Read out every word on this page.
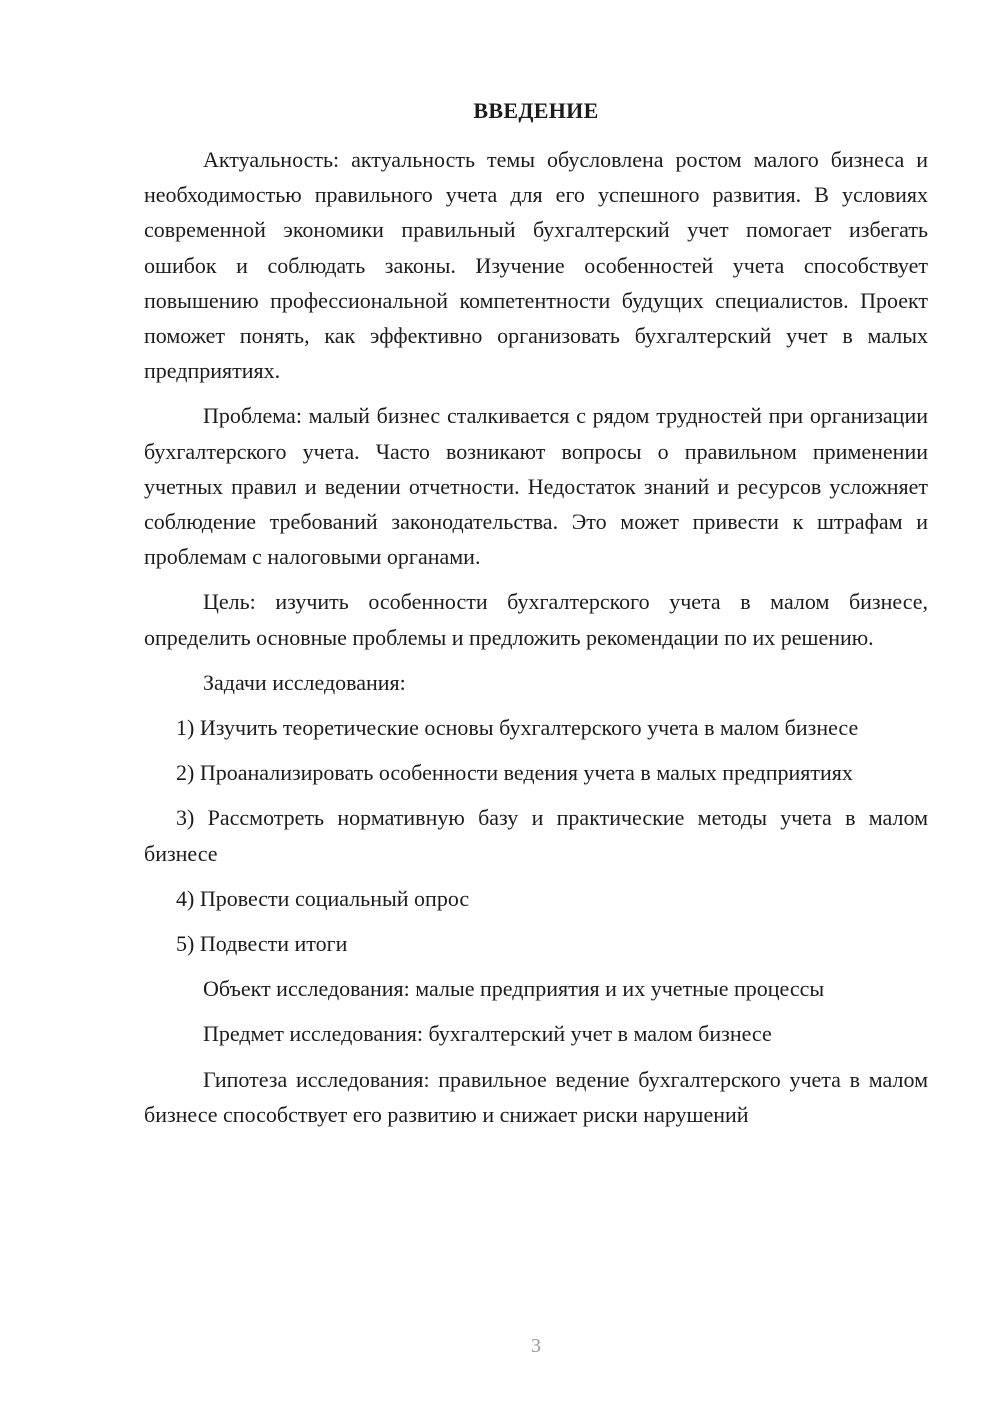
ВВЕДЕНИЕ

Актуальность: актуальность темы обусловлена ростом малого бизнеса и необходимостью правильного учета для его успешного развития. В условиях современной экономики правильный бухгалтерский учет помогает избегать ошибок и соблюдать законы. Изучение особенностей учета способствует повышению профессиональной компетентности будущих специалистов. Проект поможет понять, как эффективно организовать бухгалтерский учет в малых предприятиях.

Проблема: малый бизнес сталкивается с рядом трудностей при организации бухгалтерского учета. Часто возникают вопросы о правильном применении учетных правил и ведении отчетности. Недостаток знаний и ресурсов усложняет соблюдение требований законодательства. Это может привести к штрафам и проблемам с налоговыми органами.

Цель: изучить особенности бухгалтерского учета в малом бизнесе, определить основные проблемы и предложить рекомендации по их решению.

Задачи исследования:

1) Изучить теоретические основы бухгалтерского учета в малом бизнесе

2) Проанализировать особенности ведения учета в малых предприятиях

3) Рассмотреть нормативную базу и практические методы учета в малом бизнесе

4) Провести социальный опрос

5) Подвести итоги

Объект исследования: малые предприятия и их учетные процессы

Предмет исследования: бухгалтерский учет в малом бизнесе

Гипотеза исследования: правильное ведение бухгалтерского учета в малом бизнесе способствует его развитию и снижает риски нарушений

3
